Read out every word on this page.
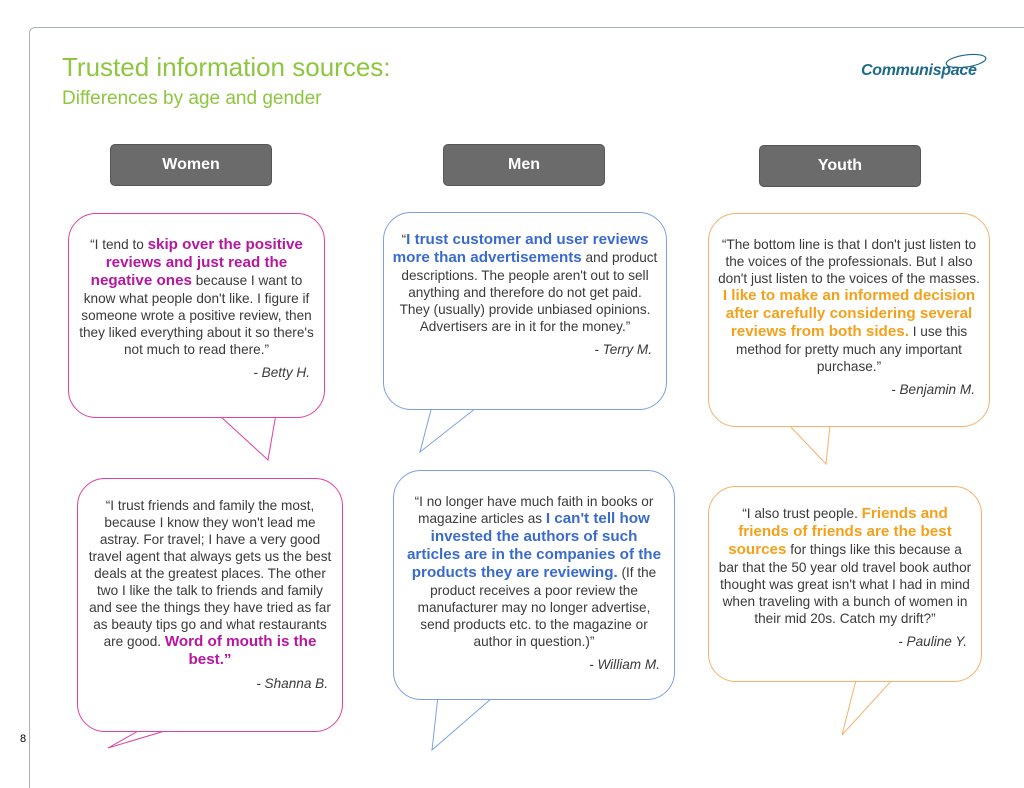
Trusted information sources:
Differences by age and gender
Communispace
Women	Men	Youth

“I tend to skip over the positive reviews and just read the negative ones because I want to know what people don't like. I figure if someone wrote a positive review, then they liked everything about it so there's not much to read there.”

- Betty H.

“I trust friends and family the most, because I know they won't lead me astray. For travel; I have a very good travel agent that always gets us the best deals at the greatest places. The other two I like the talk to friends and family and see the things they have tried as far as beauty tips go and what restaurants are good. Word of mouth is the best.”

- Shanna B.

“I trust customer and user reviews more than advertisements and product descriptions. The people aren't out to sell anything and therefore do not get paid. They (usually) provide unbiased opinions. Advertisers are in it for the money.”

- Terry M.

“I no longer have much faith in books or magazine articles as I can't tell how invested the authors of such articles are in the companies of the products they are reviewing. (If the product receives a poor review the manufacturer may no longer advertise, send products etc. to the magazine or author in question.)”

- William M.

“The bottom line is that I don't just listen to the voices of the professionals. But I also don't just listen to the voices of the masses. I like to make an informed decision after carefully considering several reviews from both sides. I use this method for pretty much any important purchase.”

- Benjamin M.

“I also trust people. Friends and friends of friends are the best sources for things like this because a bar that the 50 year old travel book author thought was great isn't what I had in mind when traveling with a bunch of women in their mid 20s. Catch my drift?”

- Pauline Y.
8
